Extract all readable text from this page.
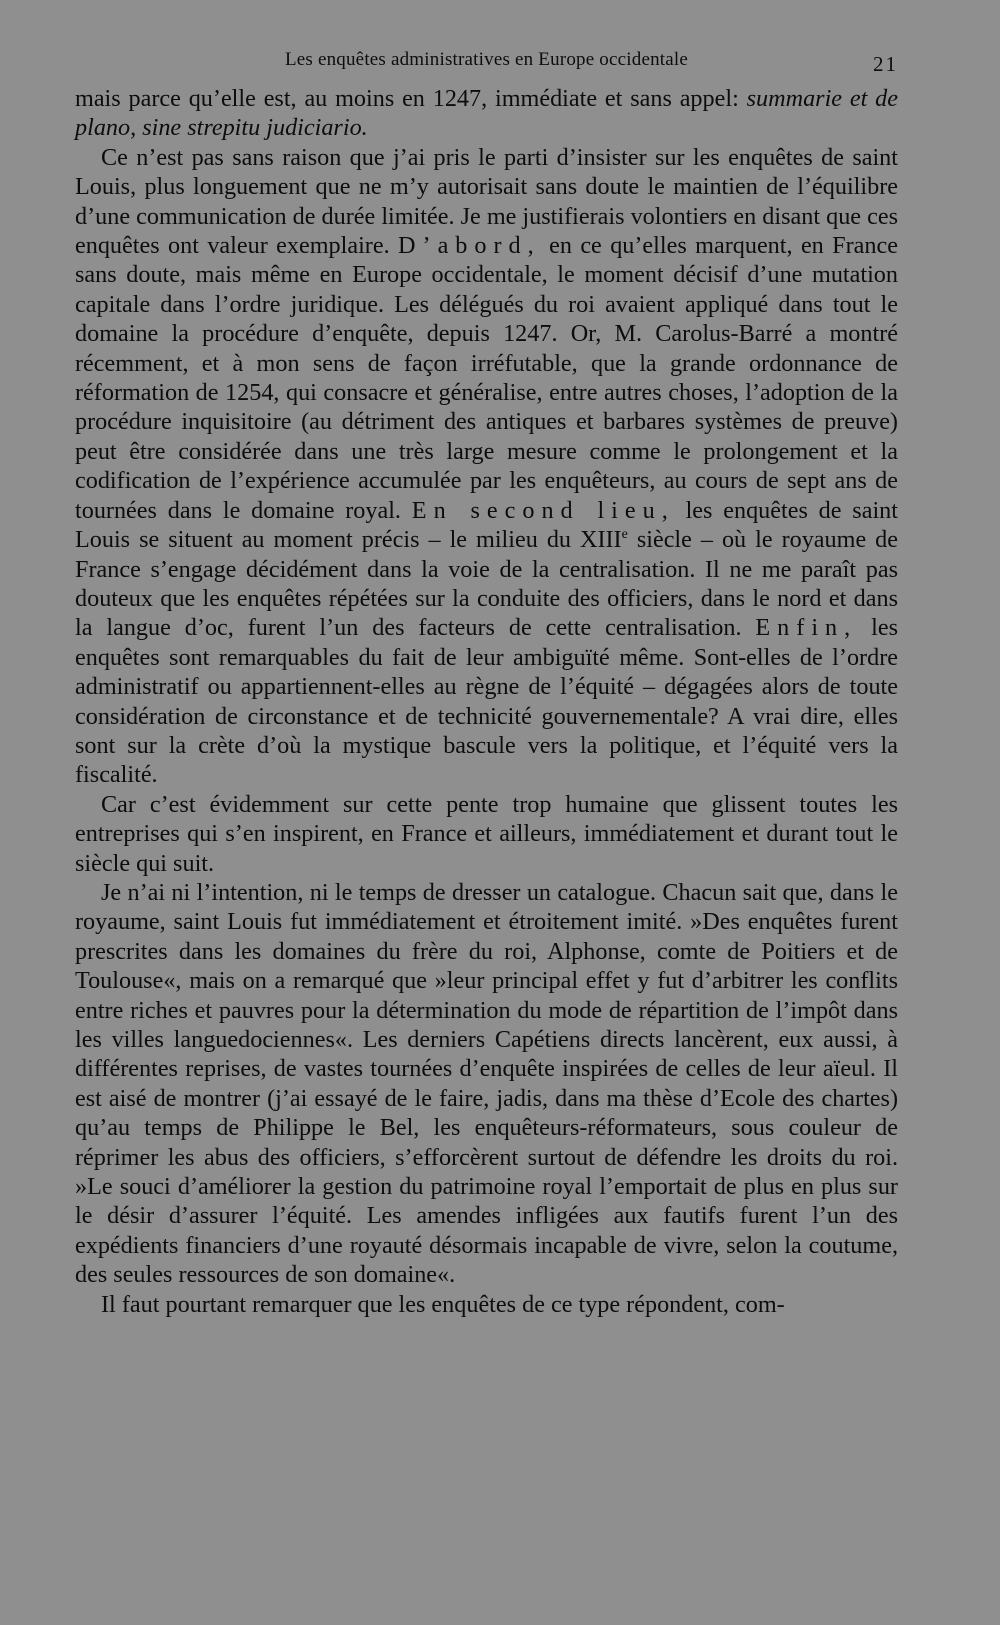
Les enquêtes administratives en Europe occidentale	21

mais parce qu’elle est, au moins en 1247, immédiate et sans appel: summarie et de plano, sine strepitu judiciario.

Ce n’est pas sans raison que j’ai pris le parti d’insister sur les enquêtes de saint Louis, plus longuement que ne m’y autorisait sans doute le maintien de l’équilibre d’une communication de durée limitée. Je me justifierais volontiers en disant que ces enquêtes ont valeur exemplaire. D’abord, en ce qu’elles marquent, en France sans doute, mais même en Europe occidentale, le moment décisif d’une mutation capitale dans l’ordre juridique. Les délégués du roi avaient appliqué dans tout le domaine la procédure d’enquête, depuis 1247. Or, M. Carolus-Barré a montré récemment, et à mon sens de façon irréfutable, que la grande ordonnance de réformation de 1254, qui consacre et généralise, entre autres choses, l’adoption de la procédure inquisitoire (au détriment des antiques et barbares systèmes de preuve) peut être considérée dans une très large mesure comme le prolongement et la codification de l’expérience accumulée par les enquêteurs, au cours de sept ans de tournées dans le domaine royal. En second lieu, les enquêtes de saint Louis se situent au moment précis – le milieu du XIIIe siècle – où le royaume de France s’engage décidément dans la voie de la centralisation. Il ne me paraît pas douteux que les enquêtes répétées sur la conduite des officiers, dans le nord et dans la langue d’oc, furent l’un des facteurs de cette centralisation. Enfin, les enquêtes sont remarquables du fait de leur ambiguïté même. Sont-elles de l’ordre administratif ou appartiennent-elles au règne de l’équité – dégagées alors de toute considération de circonstance et de technicité gouvernementale? A vrai dire, elles sont sur la crète d’où la mystique bascule vers la politique, et l’équité vers la fiscalité.

Car c’est évidemment sur cette pente trop humaine que glissent toutes les entreprises qui s’en inspirent, en France et ailleurs, immédiatement et durant tout le siècle qui suit.

Je n’ai ni l’intention, ni le temps de dresser un catalogue. Chacun sait que, dans le royaume, saint Louis fut immédiatement et étroitement imité. »Des enquêtes furent prescrites dans les domaines du frère du roi, Alphonse, comte de Poitiers et de Toulouse«, mais on a remarqué que »leur principal effet y fut d’arbitrer les conflits entre riches et pauvres pour la détermination du mode de répartition de l’impôt dans les villes languedociennes«. Les derniers Capétiens directs lancèrent, eux aussi, à différentes reprises, de vastes tournées d’enquête inspirées de celles de leur aïeul. Il est aisé de montrer (j’ai essayé de le faire, jadis, dans ma thèse d’Ecole des chartes) qu’au temps de Philippe le Bel, les enquêteurs-réformateurs, sous couleur de réprimer les abus des officiers, s’efforcèrent surtout de défendre les droits du roi. »Le souci d’améliorer la gestion du patrimoine royal l’emportait de plus en plus sur le désir d’assurer l’équité. Les amendes infligées aux fautifs furent l’un des expédients financiers d’une royauté désormais incapable de vivre, selon la coutume, des seules ressources de son domaine«.

Il faut pourtant remarquer que les enquêtes de ce type répondent, com-
